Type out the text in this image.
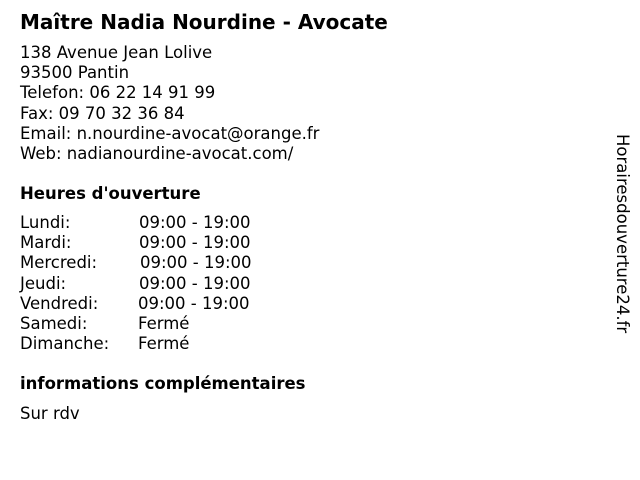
Maître Nadia Nourdine - Avocate
138 Avenue Jean Lolive
93500 Pantin
Telefon: 06 22 14 91 99
Fax: 09 70 32 36 84
Email: n.nourdine-avocat@orange.fr
Web: nadianourdine-avocat.com/
Heures d'ouverture
Lundi:	09:00 - 19:00
Mardi:	09:00 - 19:00
Mercredi:	09:00 - 19:00
Jeudi:	09:00 - 19:00
Vendredi: 09:00 - 19:00
Samedi:	Fermé
Dimanche: Fermé
informations complémentaires
Sur rdv
Horairesdouverture24.fr
